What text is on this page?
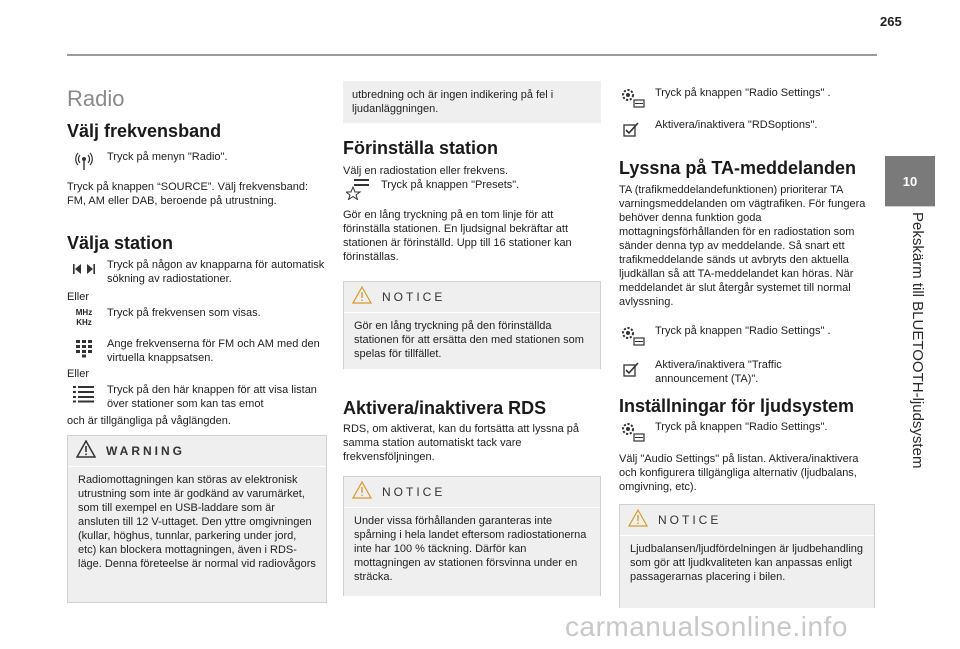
265
10
Pekskärm till BLUETOOTH-ljudsystem
Radio
Välj frekvensband
Tryck på menyn "Radio".
Tryck på knappen “SOURCE”. Välj frekvensband: FM, AM eller DAB, beroende på utrustning.
Välja station
Tryck på någon av knapparna för automatisk sökning av radiostationer.
Eller
MHz
KHz
Tryck på frekvensen som visas.
Ange frekvenserna för FM och AM med den virtuella knappsatsen.
Eller
Tryck på den här knappen för att visa listan över stationer som kan tas emot
och är tillgängliga på våglängden.
WARNING
Radiomottagningen kan störas av elektronisk utrustning som inte är godkänd av varumärket, som till exempel en USB-laddare som är ansluten till 12 V-uttaget. Den yttre omgivningen (kullar, höghus, tunnlar, parkering under jord, etc) kan blockera mottagningen, även i RDS-läge. Denna företeelse är normal vid radiovågors
utbredning och är ingen indikering på fel i ljudanläggningen.
Förinställa station
Välj en radiostation eller frekvens.
Tryck på knappen "Presets".
Gör en lång tryckning på en tom linje för att förinställa stationen. En ljudsignal bekräftar att stationen är förinställd. Upp till 16 stationer kan förinställas.
NOTICE
Gör en lång tryckning på den förinställda stationen för att ersätta den med stationen som spelas för tillfället.
Aktivera/inaktivera RDS
RDS, om aktiverat, kan du fortsätta att lyssna på samma station automatiskt tack vare frekvensföljningen.
NOTICE
Under vissa förhållanden garanteras inte spårning i hela landet eftersom radiostationerna inte har 100 % täckning. Därför kan mottagningen av stationen försvinna under en sträcka.
Tryck på knappen "Radio Settings" .
Aktivera/inaktivera "RDSoptions".
Lyssna på TA-meddelanden
TA (trafikmeddelandefunktionen) prioriterar TA varningsmeddelanden om vägtrafiken. För fungera behöver denna funktion goda mottagningsförhållanden för en radiostation som sänder denna typ av meddelande. Så snart ett trafikmeddelande sänds ut avbryts den aktuella ljudkällan så att TA-meddelandet kan höras. När meddelandet är slut återgår systemet till normal avlyssning.
Tryck på knappen "Radio Settings" .
Aktivera/inaktivera "Traffic announcement (TA)".
Inställningar för ljudsystem
Tryck på knappen "Radio Settings".
Välj "Audio Settings" på listan. Aktivera/inaktivera och konfigurera tillgängliga alternativ (ljudbalans, omgivning, etc).
NOTICE
Ljudbalansen/ljudfördelningen är ljudbehandling som gör att ljudkvaliteten kan anpassas enligt passagerarnas placering i bilen.
carmanualsonline.info
